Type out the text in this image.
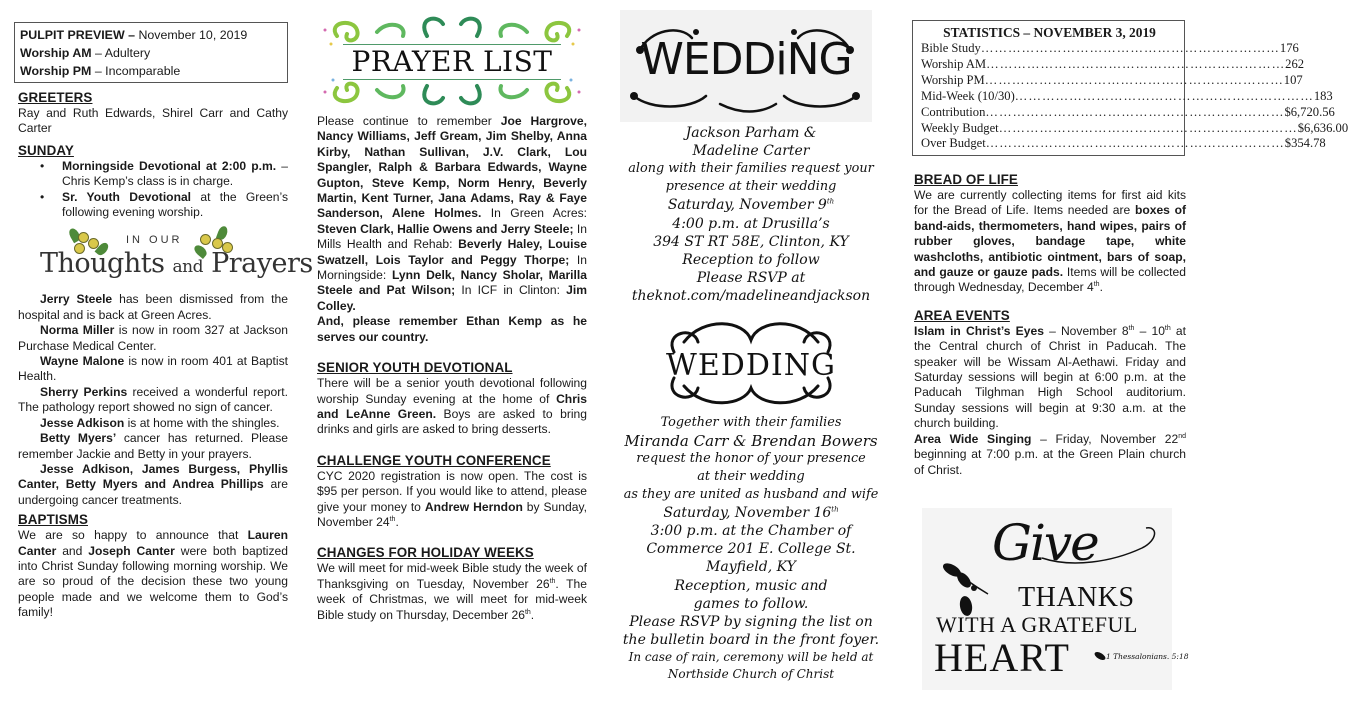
PULPIT PREVIEW – November 10, 2019
Worship AM – Adultery
Worship PM – Incomparable
GREETERS

Ray and Ruth Edwards, Shirel Carr and Cathy Carter

SUNDAY
• Morningside Devotional at 2:00 p.m. – Chris Kemp’s class is in charge.
• Sr. Youth Devotional at the Green’s following evening worship.
IN OUR
Thoughts and Prayers

Jerry Steele has been dismissed from the hospital and is back at Green Acres.

Norma Miller is now in room 327 at Jackson Purchase Medical Center.

Wayne Malone is now in room 401 at Baptist Health.

Sherry Perkins received a wonderful report. The pathology report showed no sign of cancer.

Jesse Adkison is at home with the shingles.

Betty Myers’ cancer has returned. Please remember Jackie and Betty in your prayers.

Jesse Adkison, James Burgess, Phyllis Canter, Betty Myers and Andrea Phillips are undergoing cancer treatments.

BAPTISMS

We are so happy to announce that Lauren Canter and Joseph Canter were both baptized into Christ Sunday following morning worship. We are so proud of the decision these two young people made and we welcome them to God’s family!

PRAYER LIST

Please continue to remember Joe Hargrove, Nancy Williams, Jeff Gream, Jim Shelby, Anna Kirby, Nathan Sullivan, J.V. Clark, Lou Spangler, Ralph & Barbara Edwards, Wayne Gupton, Steve Kemp, Norm Henry, Beverly Martin, Kent Turner, Jana Adams, Ray & Faye Sanderson, Alene Holmes. In Green Acres: Steven Clark, Hallie Owens and Jerry Steele; In Mills Health and Rehab: Beverly Haley, Louise Swatzell, Lois Taylor and Peggy Thorpe; In Morningside: Lynn Delk, Nancy Sholar, Marilla Steele and Pat Wilson; In ICF in Clinton: Jim Colley.

And, please remember Ethan Kemp as he serves our country.

SENIOR YOUTH DEVOTIONAL

There will be a senior youth devotional following worship Sunday evening at the home of Chris and LeAnne Green. Boys are asked to bring drinks and girls are asked to bring desserts.

CHALLENGE YOUTH CONFERENCE

CYC 2020 registration is now open. The cost is $95 per person. If you would like to attend, please give your money to Andrew Herndon by Sunday, November 24th.

CHANGES FOR HOLIDAY WEEKS

We will meet for mid-week Bible study the week of Thanksgiving on Tuesday, November 26th. The week of Christmas, we will meet for mid-week Bible study on Thursday, December 26th.

WEDDiNG
Jackson Parham &
Madeline Carter
along with their families request your
presence at their wedding
Saturday, November 9th
4:00 p.m. at Drusilla’s
394 ST RT 58E, Clinton, KY
Reception to follow
Please RSVP at
theknot.com/madelineandjackson
WEDDING
Together with their families
Miranda Carr & Brendan Bowers
request the honor of your presence
at their wedding
as they are united as husband and wife
Saturday, November 16th
3:00 p.m. at the Chamber of
Commerce 201 E. College St.
Mayfield, KY
Reception, music and
games to follow.
Please RSVP by signing the list on
the bulletin board in the front foyer.
In case of rain, ceremony will be held at
Northside Church of Christ
STATISTICS – NOVEMBER 3, 2019
Bible Study ………………………………………………………… 176
Worship AM ………………………………………………………… 262
Worship PM ………………………………………………………… 107
Mid-Week (10/30) ………………………………………………………… 183
Contribution ………………………………………………………… $6,720.56
Weekly Budget ………………………………………………………… $6,636.00
Over Budget ………………………………………………………… $354.78
BREAD OF LIFE

We are currently collecting items for first aid kits for the Bread of Life. Items needed are boxes of band-aids, thermometers, hand wipes, pairs of rubber gloves, bandage tape, white washcloths, antibiotic ointment, bars of soap, and gauze or gauze pads. Items will be collected through Wednesday, December 4th.

AREA EVENTS

Islam in Christ’s Eyes – November 8th – 10th at the Central church of Christ in Paducah. The speaker will be Wissam Al-Aethawi. Friday and Saturday sessions will begin at 6:00 p.m. at the Paducah Tilghman High School auditorium. Sunday sessions will begin at 9:30 a.m. at the church building.

Area Wide Singing – Friday, November 22nd beginning at 7:00 p.m. at the Green Plain church of Christ.

Give
THANKS
WITH A GRATEFUL
HEART	1 Thessalonians. 5:18
